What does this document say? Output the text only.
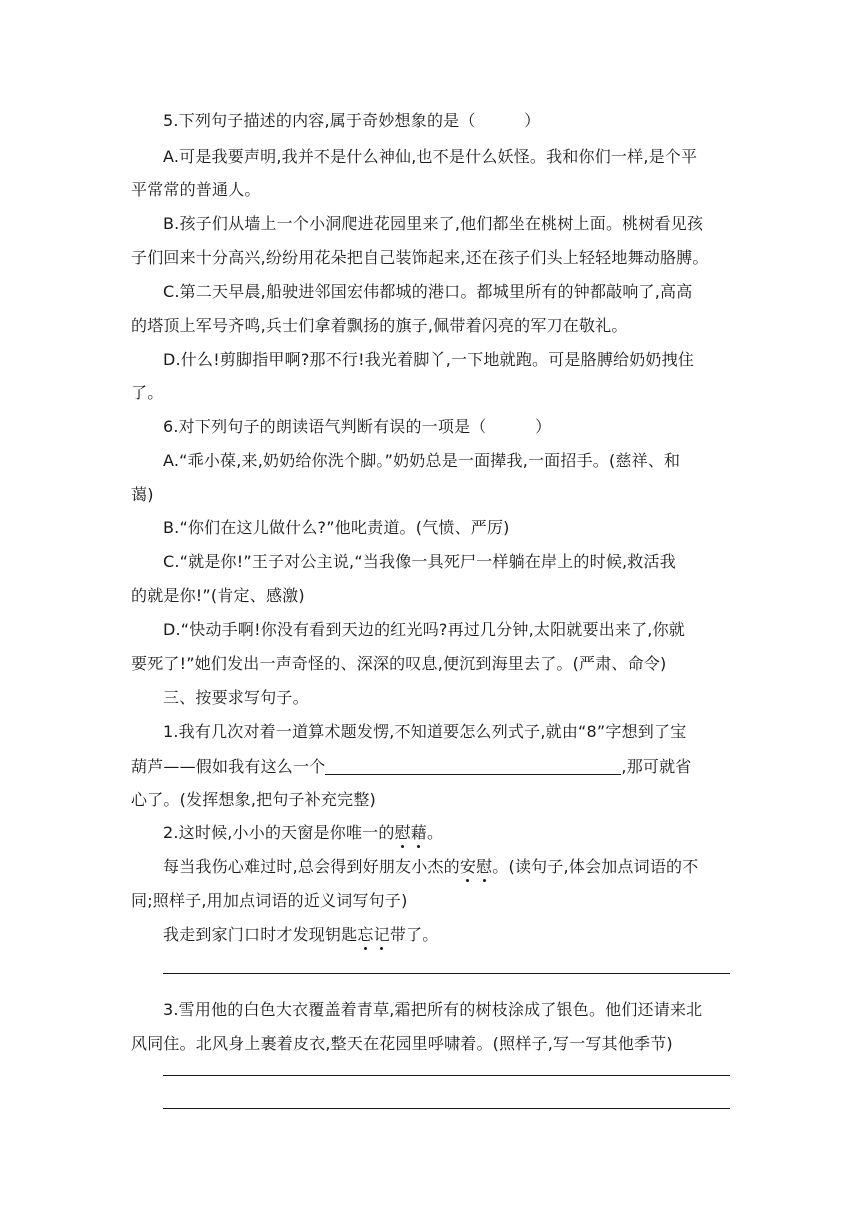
5.下列句子描述的内容,属于奇妙想象的是（　　　）
A.可是我要声明,我并不是什么神仙,也不是什么妖怪。我和你们一样,是个平
平常常的普通人。
B.孩子们从墙上一个小洞爬进花园里来了,他们都坐在桃树上面。桃树看见孩
子们回来十分高兴,纷纷用花朵把自己装饰起来,还在孩子们头上轻轻地舞动胳膊。
C.第二天早晨,船驶进邻国宏伟都城的港口。都城里所有的钟都敲响了,高高
的塔顶上军号齐鸣,兵士们拿着飘扬的旗子,佩带着闪亮的军刀在敬礼。
D.什么!剪脚指甲啊?那不行!我光着脚丫,一下地就跑。可是胳膊给奶奶拽住
了。
6.对下列句子的朗读语气判断有误的一项是（　　　）
A.“乖小葆,来,奶奶给你洗个脚。”奶奶总是一面撵我,一面招手。(慈祥、和
蔼)
B.“你们在这儿做什么?”他叱责道。(气愤、严厉)
C.“就是你!”王子对公主说,“当我像一具死尸一样躺在岸上的时候,救活我
的就是你!”(肯定、感激)
D.“快动手啊!你没有看到天边的红光吗?再过几分钟,太阳就要出来了,你就
要死了!”她们发出一声奇怪的、深深的叹息,便沉到海里去了。(严肃、命令)
三、按要求写句子。
1.我有几次对着一道算术题发愣,不知道要怎么列式子,就由“8”字想到了宝
葫芦——假如我有这么一个	,那可就省
心了。(发挥想象,把句子补充完整)
2.这时候,小小的天窗是你唯一的慰藉。
每当我伤心难过时,总会得到好朋友小杰的安慰。(读句子,体会加点词语的不
同;照样子,用加点词语的近义词写句子)
我走到家门口时才发现钥匙忘记带了。
3.雪用他的白色大衣覆盖着青草,霜把所有的树枝涂成了银色。他们还请来北
风同住。北风身上裹着皮衣,整天在花园里呼啸着。(照样子,写一写其他季节)
